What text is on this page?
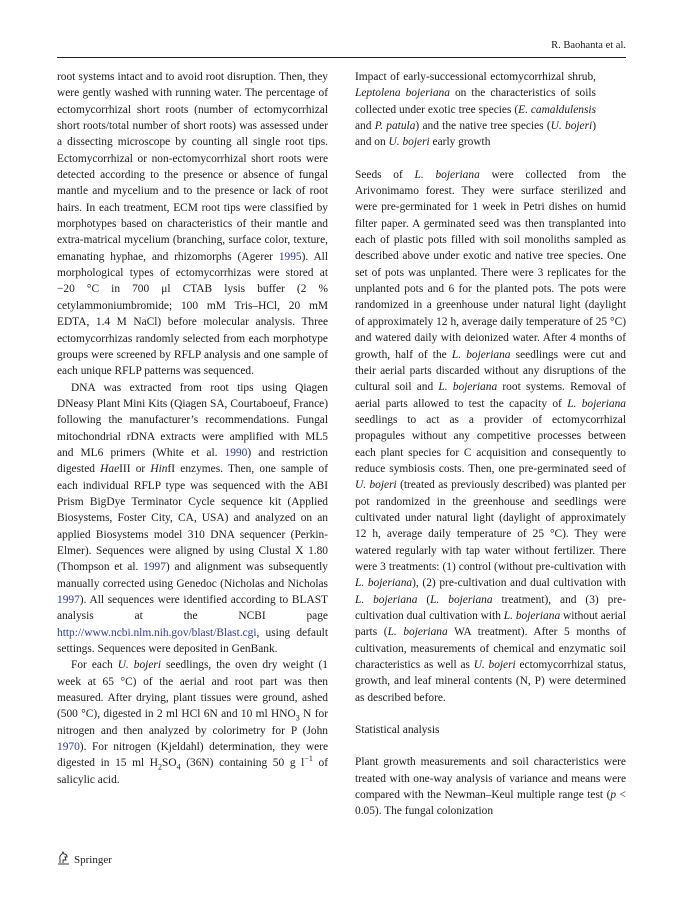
R. Baohanta et al.

root systems intact and to avoid root disruption. Then, they were gently washed with running water. The percentage of ectomycorrhizal short roots (number of ectomycorrhizal short roots/total number of short roots) was assessed under a dissecting microscope by counting all single root tips. Ectomycorrhizal or non-ectomycorrhizal short roots were detected according to the presence or absence of fungal mantle and mycelium and to the presence or lack of root hairs. In each treatment, ECM root tips were classified by morphotypes based on characteristics of their mantle and extra-matrical mycelium (branching, surface color, texture, emanating hyphae, and rhizomorphs (Agerer 1995). All morphological types of ectomycorrhizas were stored at −20 °C in 700 μl CTAB lysis buffer (2 % cetylammoniumbromide; 100 mM Tris–HCl, 20 mM EDTA, 1.4 M NaCl) before molecular analysis. Three ectomycorrhizas randomly selected from each morphotype groups were screened by RFLP analysis and one sample of each unique RFLP patterns was sequenced.

DNA was extracted from root tips using Qiagen DNeasy Plant Mini Kits (Qiagen SA, Courtaboeuf, France) following the manufacturer’s recommendations. Fungal mitochondrial rDNA extracts were amplified with ML5 and ML6 primers (White et al. 1990) and restriction digested HaeIII or HinfI enzymes. Then, one sample of each individual RFLP type was sequenced with the ABI Prism BigDye Terminator Cycle sequence kit (Applied Biosystems, Foster City, CA, USA) and analyzed on an applied Biosystems model 310 DNA sequencer (Perkin-Elmer). Sequences were aligned by using Clustal X 1.80 (Thompson et al. 1997) and alignment was subsequently manually corrected using Genedoc (Nicholas and Nicholas 1997). All sequences were identified according to BLAST analysis at the NCBI page http://www.ncbi.nlm.nih.gov/blast/Blast.cgi, using default settings. Sequences were deposited in GenBank.

For each U. bojeri seedlings, the oven dry weight (1 week at 65 °C) of the aerial and root part was then measured. After drying, plant tissues were ground, ashed (500 °C), digested in 2 ml HCl 6N and 10 ml $HNO_3$ N for nitrogen and then analyzed by colorimetry for P (John 1970). For nitrogen (Kjeldahl) determination, they were digested in 15 ml $H_2SO_4$ (36N) containing 50 g $l^{-1}$ of salicylic acid.

Impact of early-successional ectomycorrhizal shrub, Leptolena bojeriana on the characteristics of soils collected under exotic tree species (E. camaldulensis and P. patula) and the native tree species (U. bojeri) and on U. bojeri early growth

Seeds of L. bojeriana were collected from the Arivonimamo forest. They were surface sterilized and were pre-germinated for 1 week in Petri dishes on humid filter paper. A germinated seed was then transplanted into each of plastic pots filled with soil monoliths sampled as described above under exotic and native tree species. One set of pots was unplanted. There were 3 replicates for the unplanted pots and 6 for the planted pots. The pots were randomized in a greenhouse under natural light (daylight of approximately 12 h, average daily temperature of 25 °C) and watered daily with deionized water. After 4 months of growth, half of the L. bojeriana seedlings were cut and their aerial parts discarded without any disruptions of the cultural soil and L. bojeriana root systems. Removal of aerial parts allowed to test the capacity of L. bojeriana seedlings to act as a provider of ectomycorrhizal propagules without any competitive processes between each plant species for C acquisition and consequently to reduce symbiosis costs. Then, one pre-germinated seed of U. bojeri (treated as previously described) was planted per pot randomized in the greenhouse and seedlings were cultivated under natural light (daylight of approximately 12 h, average daily temperature of 25 °C). They were watered regularly with tap water without fertilizer. There were 3 treatments: (1) control (without pre-cultivation with L. bojeriana), (2) pre-cultivation and dual cultivation with L. bojeriana (L. bojeriana treatment), and (3) precultivation dual cultivation with L. bojeriana without aerial parts (L. bojeriana WA treatment). After 5 months of cultivation, measurements of chemical and enzymatic soil characteristics as well as U. bojeri ectomycorrhizal status, growth, and leaf mineral contents (N, P) were determined as described before.

Statistical analysis

Plant growth measurements and soil characteristics were treated with one-way analysis of variance and means were compared with the Newman–Keul multiple range test (p < 0.05). The fungal colonization

Springer
